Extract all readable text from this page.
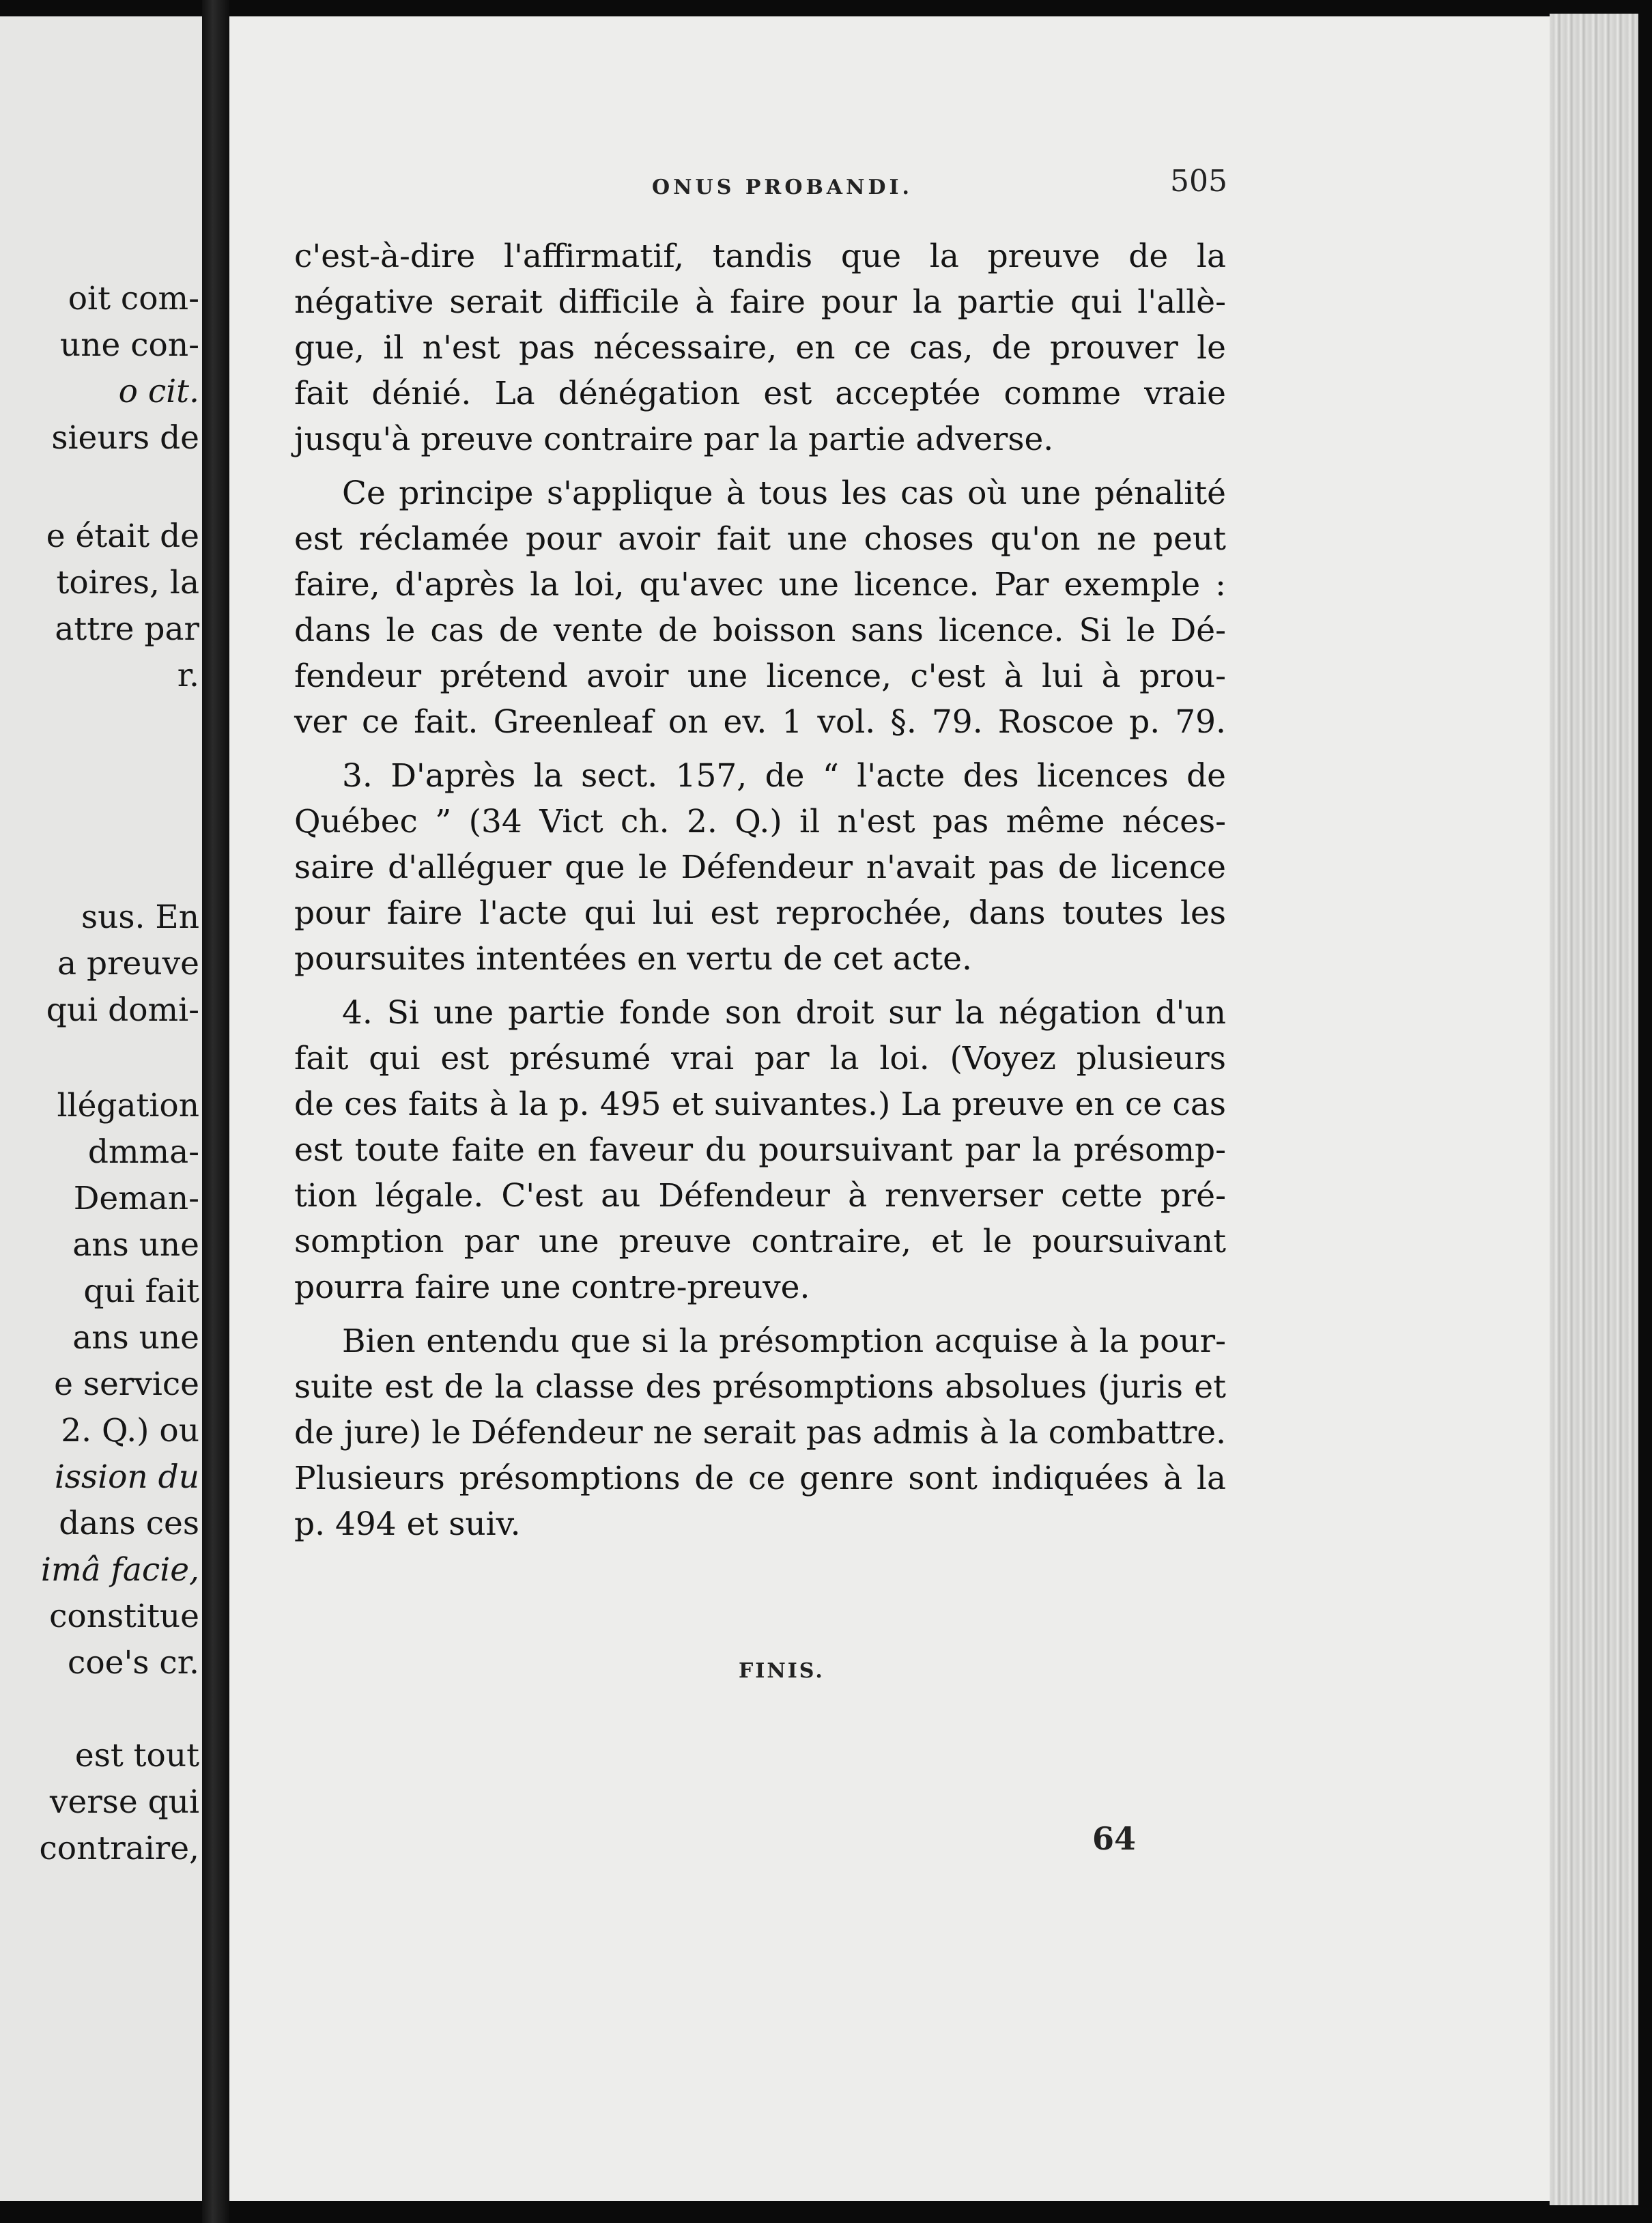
oit com-
une con-
o cit.
sieurs de
e était de
toires, la
attre par
r.
sus. En
a preuve
qui domi-
llégation
dmma-
Deman-
ans une
qui fait
ans une
e service
2. Q.) ou
ission du
dans ces
imâ facie,
constitue
coe's cr.
est tout
verse qui
contraire,
ONUS PROBANDI.	505
c'est-à-dire l'affirmatif, tandis que la preuve de la
négative serait difficile à faire pour la partie qui l'allè-
gue, il n'est pas nécessaire, en ce cas, de prouver le
fait dénié. La dénégation est acceptée comme vraie
jusqu'à preuve contraire par la partie adverse.
Ce principe s'applique à tous les cas où une pénalité
est réclamée pour avoir fait une choses qu'on ne peut
faire, d'après la loi, qu'avec une licence. Par exemple :
dans le cas de vente de boisson sans licence. Si le Dé-
fendeur prétend avoir une licence, c'est à lui à prou-
ver ce fait. Greenleaf on ev. 1 vol. §. 79. Roscoe p. 79.
3. D'après la sect. 157, de “ l'acte des licences de
Québec ” (34 Vict ch. 2. Q.) il n'est pas même néces-
saire d'alléguer que le Défendeur n'avait pas de licence
pour faire l'acte qui lui est reprochée, dans toutes les
poursuites intentées en vertu de cet acte.
4. Si une partie fonde son droit sur la négation d'un
fait qui est présumé vrai par la loi. (Voyez plusieurs
de ces faits à la p. 495 et suivantes.) La preuve en ce cas
est toute faite en faveur du poursuivant par la présomp-
tion légale. C'est au Défendeur à renverser cette pré-
somption par une preuve contraire, et le poursuivant
pourra faire une contre-preuve.
Bien entendu que si la présomption acquise à la pour-
suite est de la classe des présomptions absolues (juris et
de jure) le Défendeur ne serait pas admis à la combattre.
Plusieurs présomptions de ce genre sont indiquées à la
p. 494 et suiv.
FINIS.
64
